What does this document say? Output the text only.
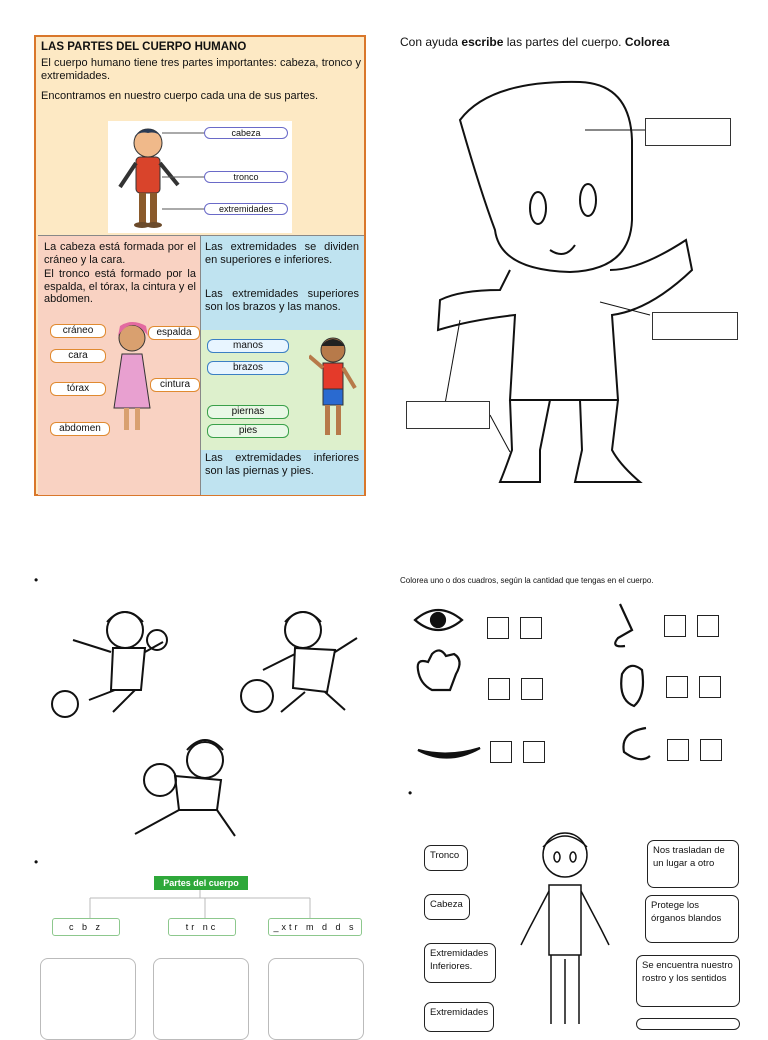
LAS PARTES DEL CUERPO HUMANO

El cuerpo humano tiene tres partes importantes: cabeza, tronco y extremidades.

Encontramos en nuestro cuerpo cada una de sus partes.

cabeza
tronco
extremidades

La cabeza está formada por el cráneo y la cara.

El tronco está formado por la espalda, el tórax, la cintura y el abdomen.

cráneo	espalda
cara
tórax	cintura
abdomen

Las extremidades se dividen en superiores e inferiores.

Las extremidades superiores son los brazos y las manos.

manos
brazos
piernas
pies

Las extremidades inferiores son las piernas y pies.

Con ayuda escribe las partes del cuerpo. Colorea
•	Colorea uno o dos cuadros, según la cantidad que tengas en el cuerpo.
•
Partes del cuerpo
c b z	tr nc	_xtr m d d s
•
Tronco
Cabeza
Extremidades Inferiores.
Extremidades
Nos trasladan de un lugar a otro
Protege los órganos blandos
Se encuentra nuestro rostro y los sentidos
